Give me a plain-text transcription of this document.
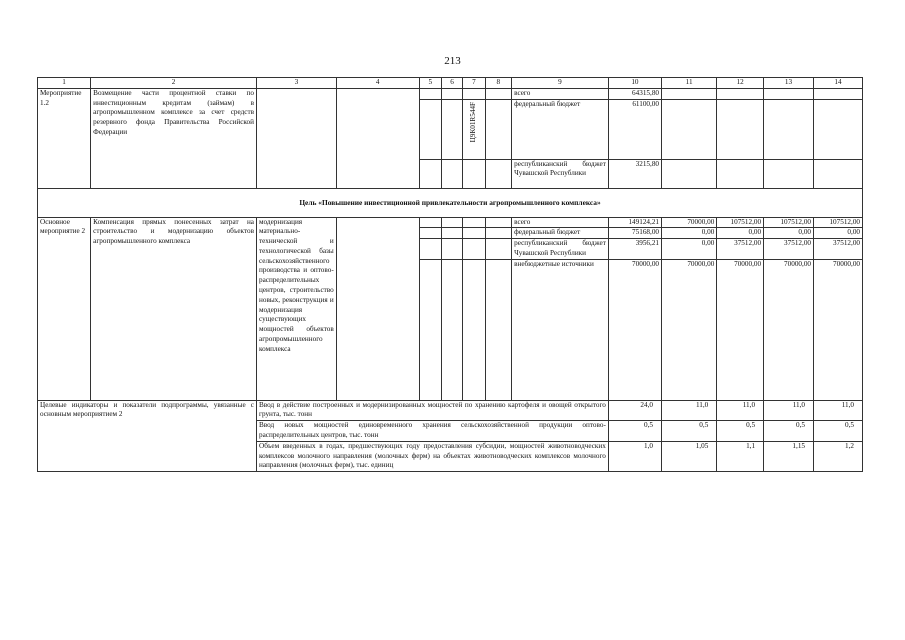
213
1	2	3	4	5	6	7	8	9	10	11	12	13	14
Мероприятие 1.2	Возмещение части процентной ставки по инвестиционным кредитам (займам) в агропромышленном комплексе за счет средств резервного фонда Правительства Российской Федерации							всего	64315,80				
						Ц9К01R544F		федеральный бюджет	61100,00				
								республиканский бюджет Чувашской Республики	3215,80				
Цель «Повышение инвестиционной привлекательности агропромышленного комплекса»													
Основное мероприятие 2	Компенсация прямых понесенных затрат на строительство и модернизацию объектов агропромышленного комплекса	модернизация материально-технической и технологической базы сельскохозяйственного производства и оптово-распределительных центров, строительство новых, реконструкция и модернизация существующих мощностей объектов агропромышленного комплекса						всего	149124,21	70000,00	107512,00	107512,00	107512,00
								федеральный бюджет	75168,00	0,00	0,00	0,00	0,00
								республиканский бюджет Чувашской Республики	3956,21	0,00	37512,00	37512,00	37512,00
								внебюджетные источники	70000,00	70000,00	70000,00	70000,00	70000,00
Целевые индикаторы и показатели подпрограммы, увязанные с основным мероприятием 2		Ввод в действие построенных и модернизированных мощностей по хранению картофеля и овощей открытого грунта, тыс. тонн							24,0	11,0	11,0	11,0	11,0
		Ввод новых мощностей единовременного хранения сельскохозяйственной продукции оптово-распределительных центров, тыс. тонн							0,5	0,5	0,5	0,5	0,5
		Объем введенных в годах, предшествующих году предоставления субсидии, мощностей животноводческих комплексов молочного направления (молочных ферм) на объектах животноводческих комплексов молочного направления (молочных ферм), тыс. единиц							1,0	1,05	1,1	1,15	1,2
